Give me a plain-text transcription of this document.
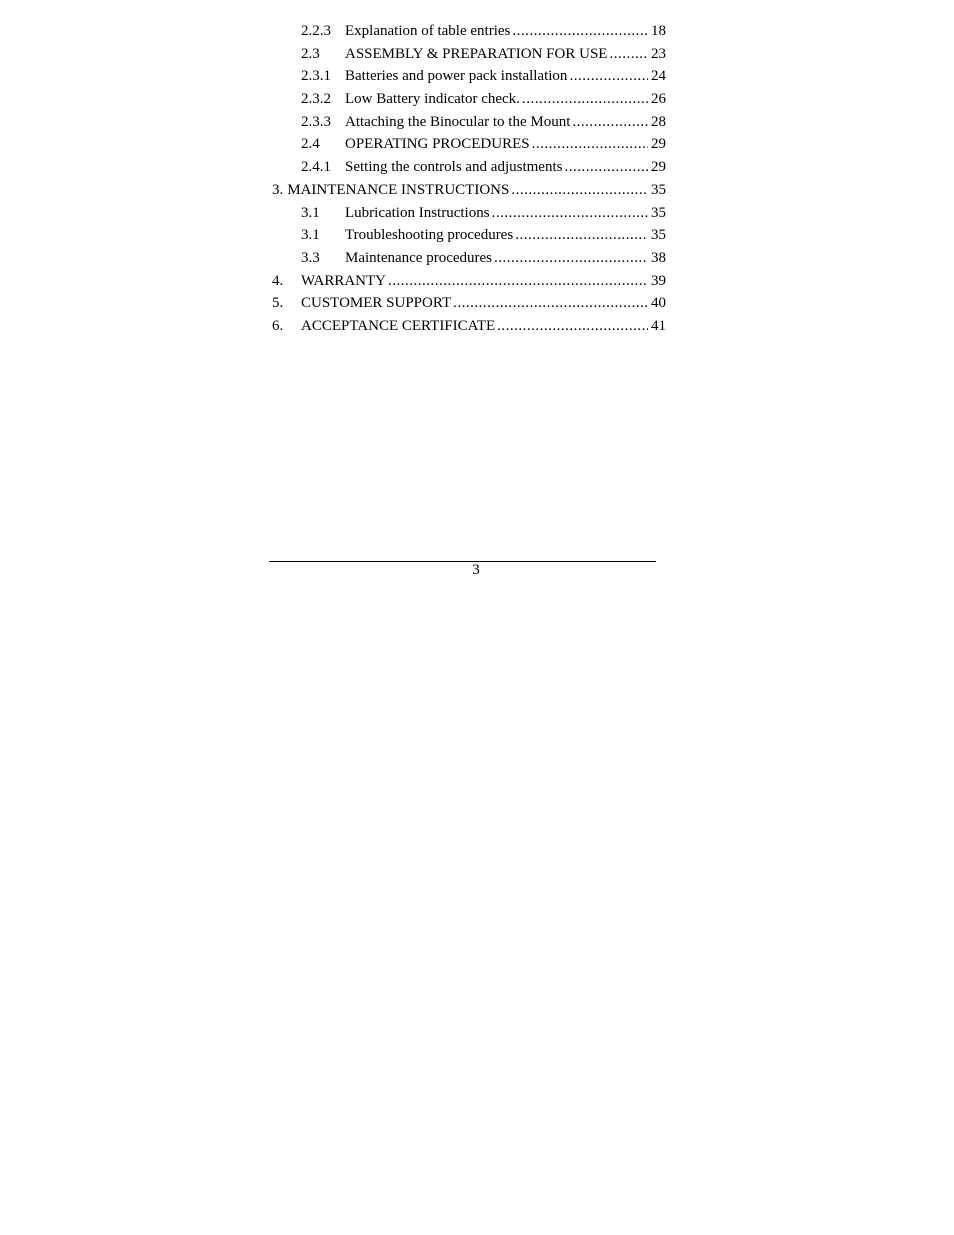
2.2.3 Explanation of table entries .....	18
2.3	ASSEMBLY & PREPARATION FOR USE .....	23
2.3.1 Batteries and power pack installation .....	24
2.3.2 Low Battery indicator check. .....	26
2.3.3 Attaching the Binocular to the Mount .....	28
2.4	OPERATING PROCEDURES .....	29
2.4.1 Setting the controls and adjustments .....	29
3. MAINTENANCE INSTRUCTIONS .....	35
3.1	Lubrication Instructions .....	35
3.1	Troubleshooting procedures .....	35
3.3	Maintenance procedures .....	38
4.	WARRANTY .....	39
5.	CUSTOMER SUPPORT .....	40
6.	ACCEPTANCE CERTIFICATE .....	41
3
